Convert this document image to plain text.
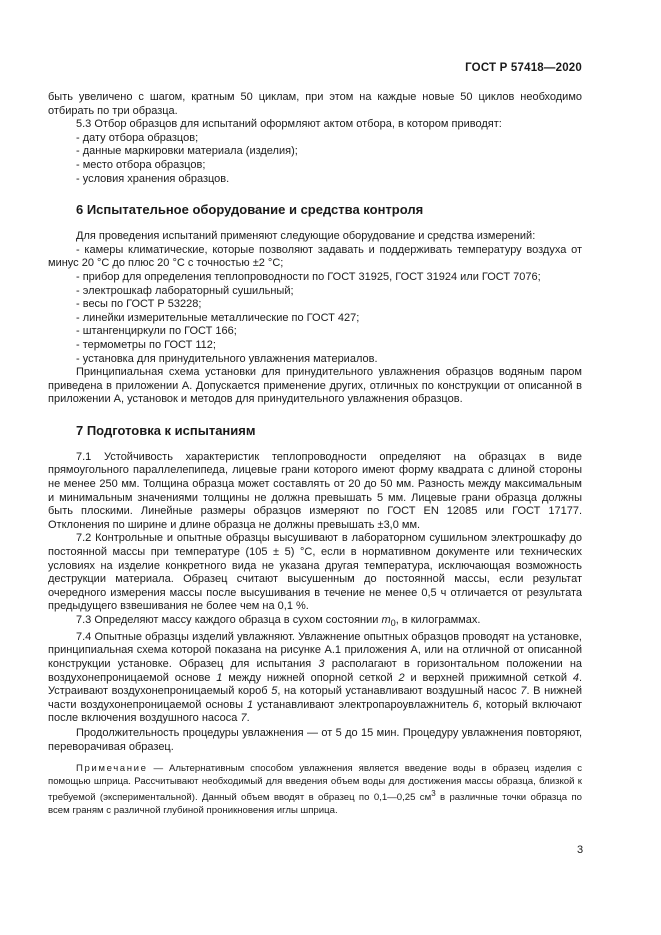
ГОСТ Р 57418—2020

быть увеличено с шагом, кратным 50 циклам, при этом на каждые новые 50 циклов необходимо отбирать по три образца.

5.3 Отбор образцов для испытаний оформляют актом отбора, в котором приводят:

- дату отбора образцов;

- данные маркировки материала (изделия);

- место отбора образцов;

- условия хранения образцов.

6 Испытательное оборудование и средства контроля

Для проведения испытаний применяют следующие оборудование и средства измерений:

- камеры климатические, которые позволяют задавать и поддерживать температуру воздуха от минус 20 °С до плюс 20 °С с точностью ±2 °С;

- прибор для определения теплопроводности по ГОСТ 31925, ГОСТ 31924 или ГОСТ 7076;

- электрошкаф лабораторный сушильный;

- весы по ГОСТ Р 53228;

- линейки измерительные металлические по ГОСТ 427;

- штангенциркули по ГОСТ 166;

- термометры по ГОСТ 112;

- установка для принудительного увлажнения материалов.

Принципиальная схема установки для принудительного увлажнения образцов водяным паром приведена в приложении А. Допускается применение других, отличных по конструкции от описанной в приложении А, установок и методов для принудительного увлажнения образцов.

7 Подготовка к испытаниям

7.1 Устойчивость характеристик теплопроводности определяют на образцах в виде прямоугольного параллелепипеда, лицевые грани которого имеют форму квадрата с длиной стороны не менее 250 мм. Толщина образца может составлять от 20 до 50 мм. Разность между максимальным и минимальным значениями толщины не должна превышать 5 мм. Лицевые грани образца должны быть плоскими. Линейные размеры образцов измеряют по ГОСТ EN 12085 или ГОСТ 17177. Отклонения по ширине и длине образца не должны превышать ±3,0 мм.

7.2 Контрольные и опытные образцы высушивают в лабораторном сушильном электрошкафу до постоянной массы при температуре (105 ± 5) °С, если в нормативном документе или технических условиях на изделие конкретного вида не указана другая температура, исключающая возможность деструкции материала. Образец считают высушенным до постоянной массы, если результат очередного измерения массы после высушивания в течение не менее 0,5 ч отличается от результата предыдущего взвешивания не более чем на 0,1 %.

7.3 Определяют массу каждого образца в сухом состоянии $m_0$, в килограммах.

7.4 Опытные образцы изделий увлажняют. Увлажнение опытных образцов проводят на установке, принципиальная схема которой показана на рисунке А.1 приложения А, или на отличной от описанной конструкции установке. Образец для испытания 3 располагают в горизонтальном положении на воздухонепроницаемой основе 1 между нижней опорной сеткой 2 и верхней прижимной сеткой 4. Устраивают воздухонепроницаемый короб 5, на который устанавливают воздушный насос 7. В нижней части воздухонепроницаемой основы 1 устанавливают электропароувлажнитель 6, который включают после включения воздушного насоса 7.

Продолжительность процедуры увлажнения — от 5 до 15 мин. Процедуру увлажнения повторяют, переворачивая образец.

Примечание — Альтернативным способом увлажнения является введение воды в образец изделия с помощью шприца. Рассчитывают необходимый для введения объем воды для достижения массы образца, близкой к требуемой (экспериментальной). Данный объем вводят в образец по 0,1—0,25 $см^3$ в различные точки образца по всем граням с различной глубиной проникновения иглы шприца.

3
